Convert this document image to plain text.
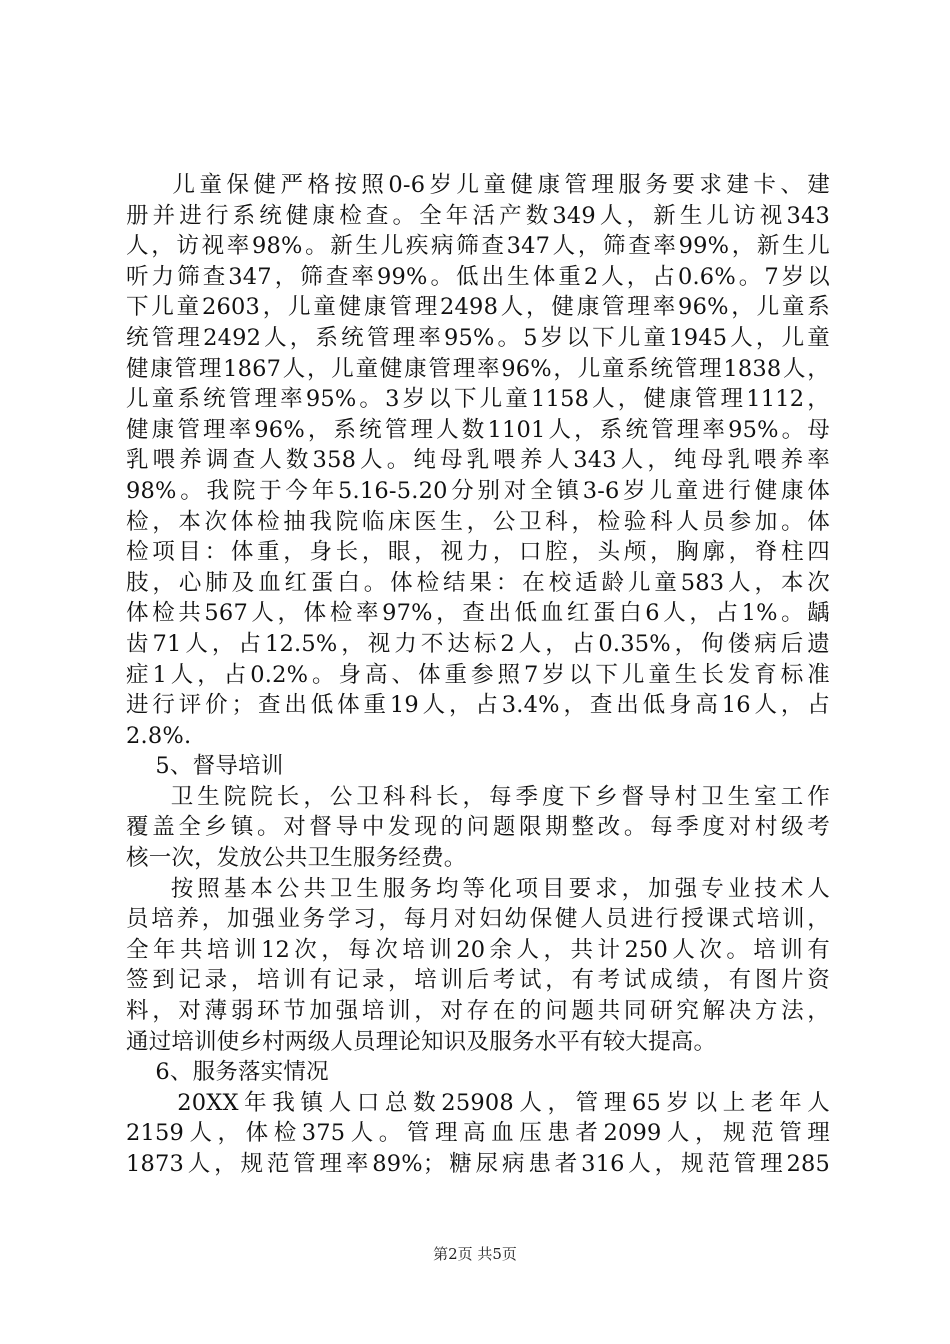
儿童保健严格按照0-6岁儿童健康管理服务要求建卡、建
册并进行系统健康检查。全年活产数349人，新生儿访视343
人，访视率98%。新生儿疾病筛查347人，筛查率99%，新生儿
听力筛查347，筛查率99%。低出生体重2人，占0.6%。7岁以
下儿童2603，儿童健康管理2498人，健康管理率96%，儿童系
统管理2492人，系统管理率95%。5岁以下儿童1945人，儿童
健康管理1867人，儿童健康管理率96%，儿童系统管理1838人，
儿童系统管理率95%。3岁以下儿童1158人，健康管理1112，
健康管理率96%，系统管理人数1101人，系统管理率95%。母
乳喂养调查人数358人。纯母乳喂养人343人，纯母乳喂养率
98%。我院于今年5.16-5.20分别对全镇3-6岁儿童进行健康体
检，本次体检抽我院临床医生，公卫科，检验科人员参加。体
检项目：体重，身长，眼，视力，口腔，头颅，胸廓，脊柱四
肢，心肺及血红蛋白。体检结果：在校适龄儿童583人，本次
体检共567人，体检率97%，查出低血红蛋白6人，占1%。龋
齿71人，占12.5%，视力不达标2人，占0.35%，佝偻病后遗
症1人，占0.2%。身高、体重参照7岁以下儿童生长发育标准
进行评价；查出低体重19人，占3.4%，查出低身高16人，占
2.8%.
5、督导培训
卫生院院长，公卫科科长，每季度下乡督导村卫生室工作
覆盖全乡镇。对督导中发现的问题限期整改。每季度对村级考
核一次，发放公共卫生服务经费。
按照基本公共卫生服务均等化项目要求，加强专业技术人
员培养，加强业务学习，每月对妇幼保健人员进行授课式培训，
全年共培训12次，每次培训20余人，共计250人次。培训有
签到记录，培训有记录，培训后考试，有考试成绩，有图片资
料，对薄弱环节加强培训，对存在的问题共同研究解决方法，
通过培训使乡村两级人员理论知识及服务水平有较大提高。
6、服务落实情况
20XX年我镇人口总数25908人，管理65岁以上老年人
2159人，体检375人。管理高血压患者2099人，规范管理
1873人，规范管理率89%；糖尿病患者316人，规范管理285
第2页 共5页
